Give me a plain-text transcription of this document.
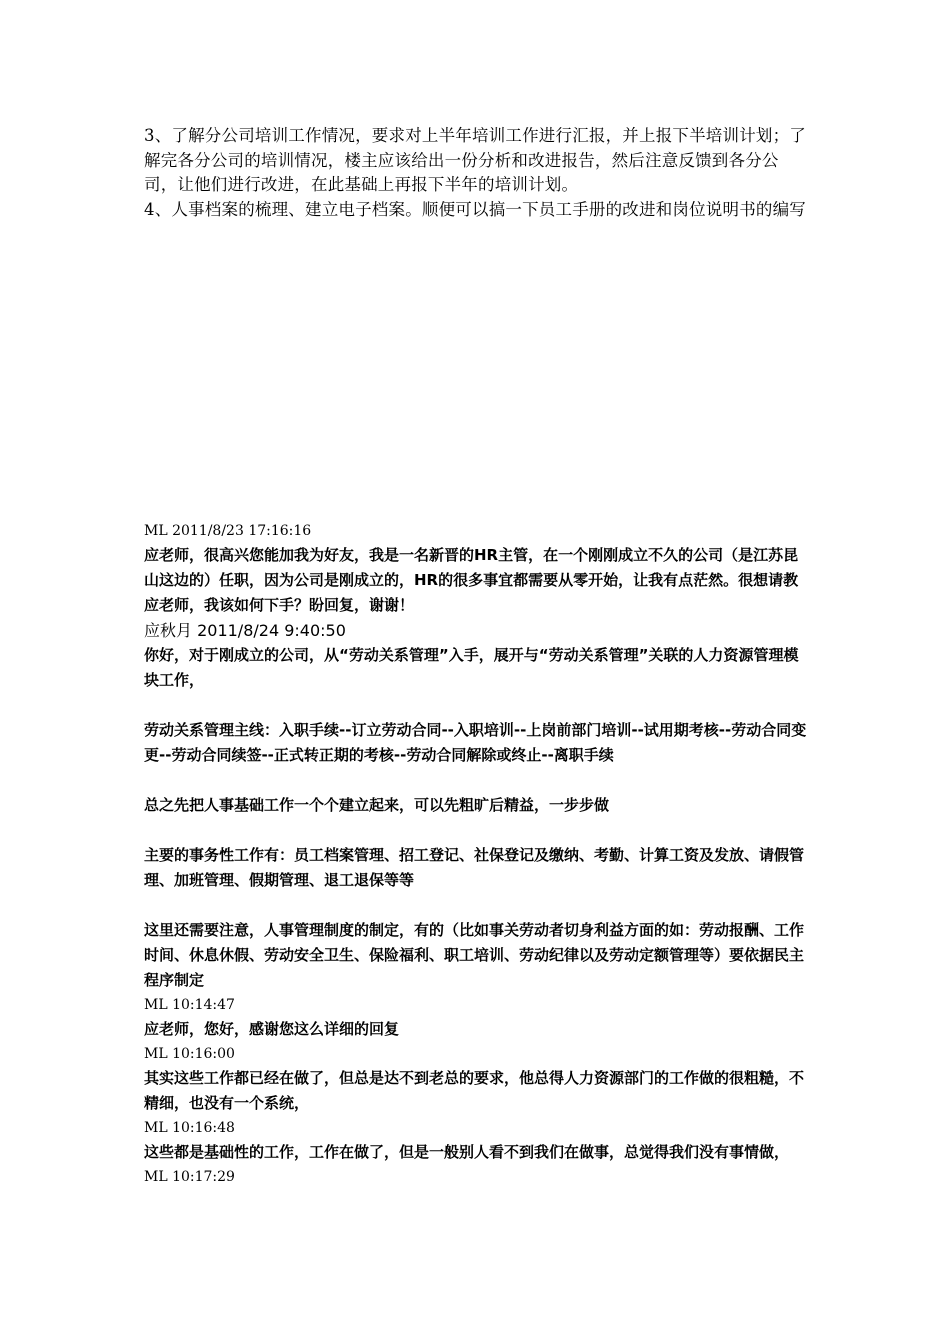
3、了解分公司培训工作情况，要求对上半年培训工作进行汇报，并上报下半培训计划；了解完各分公司的培训情况，楼主应该给出一份分析和改进报告，然后注意反馈到各分公司，让他们进行改进，在此基础上再报下半年的培训计划。

4、人事档案的梳理、建立电子档案。顺便可以搞一下员工手册的改进和岗位说明书的编写

ML 2011/8/23 17:16:16

应老师，很高兴您能加我为好友，我是一名新晋的HR主管，在一个刚刚成立不久的公司（是江苏昆山这边的）任职，因为公司是刚成立的，HR的很多事宜都需要从零开始，让我有点茫然。很想请教应老师，我该如何下手？盼回复，谢谢！

应秋月 2011/8/24 9:40:50

你好，对于刚成立的公司，从“劳动关系管理”入手，展开与“劳动关系管理”关联的人力资源管理模块工作，

劳动关系管理主线：入职手续--订立劳动合同--入职培训--上岗前部门培训--试用期考核--劳动合同变更--劳动合同续签--正式转正期的考核--劳动合同解除或终止--离职手续

总之先把人事基础工作一个个建立起来，可以先粗旷后精益，一步步做

主要的事务性工作有：员工档案管理、招工登记、社保登记及缴纳、考勤、计算工资及发放、请假管理、加班管理、假期管理、退工退保等等

这里还需要注意，人事管理制度的制定，有的（比如事关劳动者切身利益方面的如：劳动报酬、工作时间、休息休假、劳动安全卫生、保险福利、职工培训、劳动纪律以及劳动定额管理等）要依据民主程序制定

ML 10:14:47

应老师，您好，感谢您这么详细的回复

ML 10:16:00

其实这些工作都已经在做了，但总是达不到老总的要求，他总得人力资源部门的工作做的很粗糙，不精细，也没有一个系统，

ML 10:16:48

这些都是基础性的工作，工作在做了，但是一般别人看不到我们在做事，总觉得我们没有事情做，

ML 10:17:29
